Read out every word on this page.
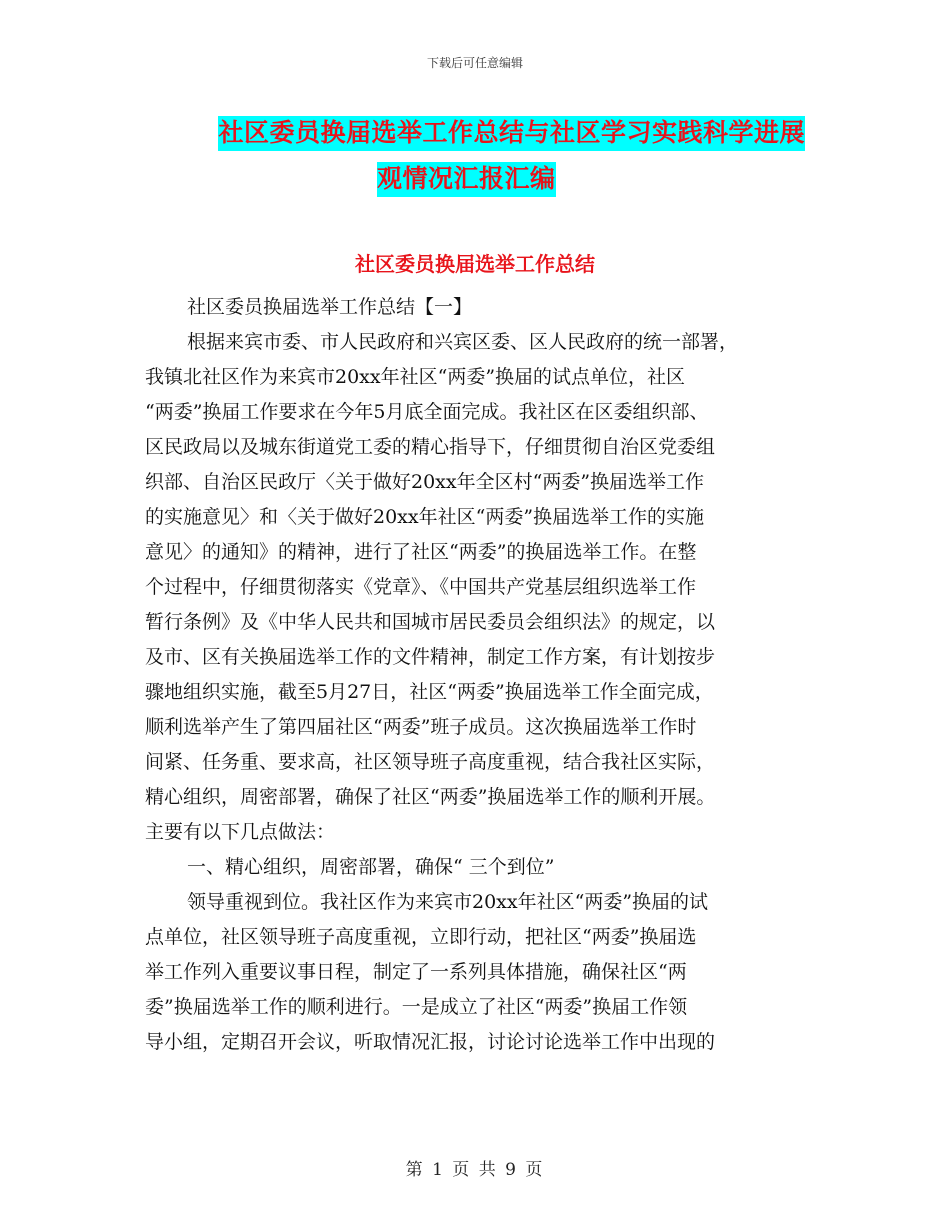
下载后可任意编辑
社区委员换届选举工作总结与社区学习实践科学进展
观情况汇报汇编
社区委员换届选举工作总结
社区委员换届选举工作总结【一】
根据来宾市委、市人民政府和兴宾区委、区人民政府的统一部署，
我镇北社区作为来宾市20xx年社区“两委”换届的试点单位，社区
“两委”换届工作要求在今年5月底全面完成。我社区在区委组织部、
区民政局以及城东街道党工委的精心指导下，仔细贯彻自治区党委组
织部、自治区民政厅〈关于做好20xx年全区村“两委”换届选举工作
的实施意见〉和〈关于做好20xx年社区“两委”换届选举工作的实施
意见〉的通知》的精神，进行了社区“两委”的换届选举工作。在整
个过程中，仔细贯彻落实《党章》、《中国共产党基层组织选举工作
暂行条例》及《中华人民共和国城市居民委员会组织法》的规定，以
及市、区有关换届选举工作的文件精神，制定工作方案，有计划按步
骤地组织实施，截至5月27日，社区“两委”换届选举工作全面完成，
顺利选举产生了第四届社区“两委”班子成员。这次换届选举工作时
间紧、任务重、要求高，社区领导班子高度重视，结合我社区实际，
精心组织，周密部署，确保了社区“两委”换届选举工作的顺利开展。
主要有以下几点做法：
一、精心组织，周密部署，确保“ 三个到位”
领导重视到位。我社区作为来宾市20xx年社区“两委”换届的试
点单位，社区领导班子高度重视，立即行动，把社区“两委”换届选
举工作列入重要议事日程，制定了一系列具体措施，确保社区“两
委”换届选举工作的顺利进行。一是成立了社区“两委”换届工作领
导小组，定期召开会议，听取情况汇报，讨论讨论选举工作中出现的
第 1 页 共 9 页
